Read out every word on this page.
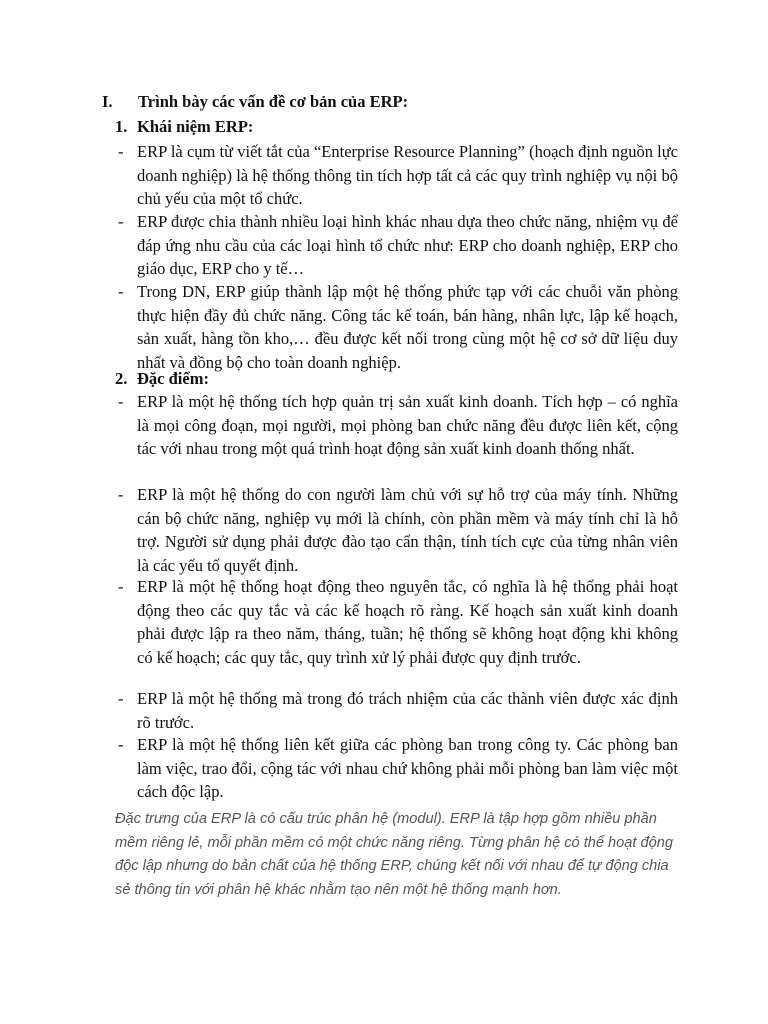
I. Trình bày các vấn đề cơ bản của ERP:
1. Khái niệm ERP:
- ERP là cụm từ viết tắt của “Enterprise Resource Planning” (hoạch định nguồn lực doanh nghiệp) là hệ thống thông tin tích hợp tất cả các quy trình nghiệp vụ nội bộ chủ yếu của một tổ chức.
- ERP được chia thành nhiều loại hình khác nhau dựa theo chức năng, nhiệm vụ để đáp ứng nhu cầu của các loại hình tổ chức như: ERP cho doanh nghiệp, ERP cho giáo dục, ERP cho y tế…
- Trong DN, ERP giúp thành lập một hệ thống phức tạp với các chuỗi văn phòng thực hiện đầy đủ chức năng. Công tác kế toán, bán hàng, nhân lực, lập kế hoạch, sản xuất, hàng tồn kho,… đều được kết nối trong cùng một hệ cơ sở dữ liệu duy nhất và đồng bộ cho toàn doanh nghiệp.
2. Đặc điểm:
- ERP là một hệ thống tích hợp quản trị sản xuất kinh doanh. Tích hợp – có nghĩa là mọi công đoạn, mọi người, mọi phòng ban chức năng đều được liên kết, cộng tác với nhau trong một quá trình hoạt động sản xuất kinh doanh thống nhất.
- ERP là một hệ thống do con người làm chủ với sự hỗ trợ của máy tính. Những cán bộ chức năng, nghiệp vụ mới là chính, còn phần mềm và máy tính chỉ là hỗ trợ. Người sử dụng phải được đào tạo cẩn thận, tính tích cực của từng nhân viên là các yếu tố quyết định.
- ERP là một hệ thống hoạt động theo nguyên tắc, có nghĩa là hệ thống phải hoạt động theo các quy tắc và các kế hoạch rõ ràng. Kế hoạch sản xuất kinh doanh phải được lập ra theo năm, tháng, tuần; hệ thống sẽ không hoạt động khi không có kế hoạch; các quy tắc, quy trình xử lý phải được quy định trước.
- ERP là một hệ thống mà trong đó trách nhiệm của các thành viên được xác định rõ trước.
- ERP là một hệ thống liên kết giữa các phòng ban trong công ty. Các phòng ban làm việc, trao đổi, cộng tác với nhau chứ không phải mỗi phòng ban làm việc một cách độc lập.
Đặc trưng của ERP là có cấu trúc phân hệ (modul). ERP là tập hợp gồm nhiều phần mềm riêng lẻ, mỗi phần mềm có một chức năng riêng. Từng phân hệ có thể hoạt động độc lập nhưng do bản chất của hệ thống ERP, chúng kết nối với nhau để tự động chia sẻ thông tin với phân hệ khác nhằm tạo nên một hệ thống mạnh hơn.
